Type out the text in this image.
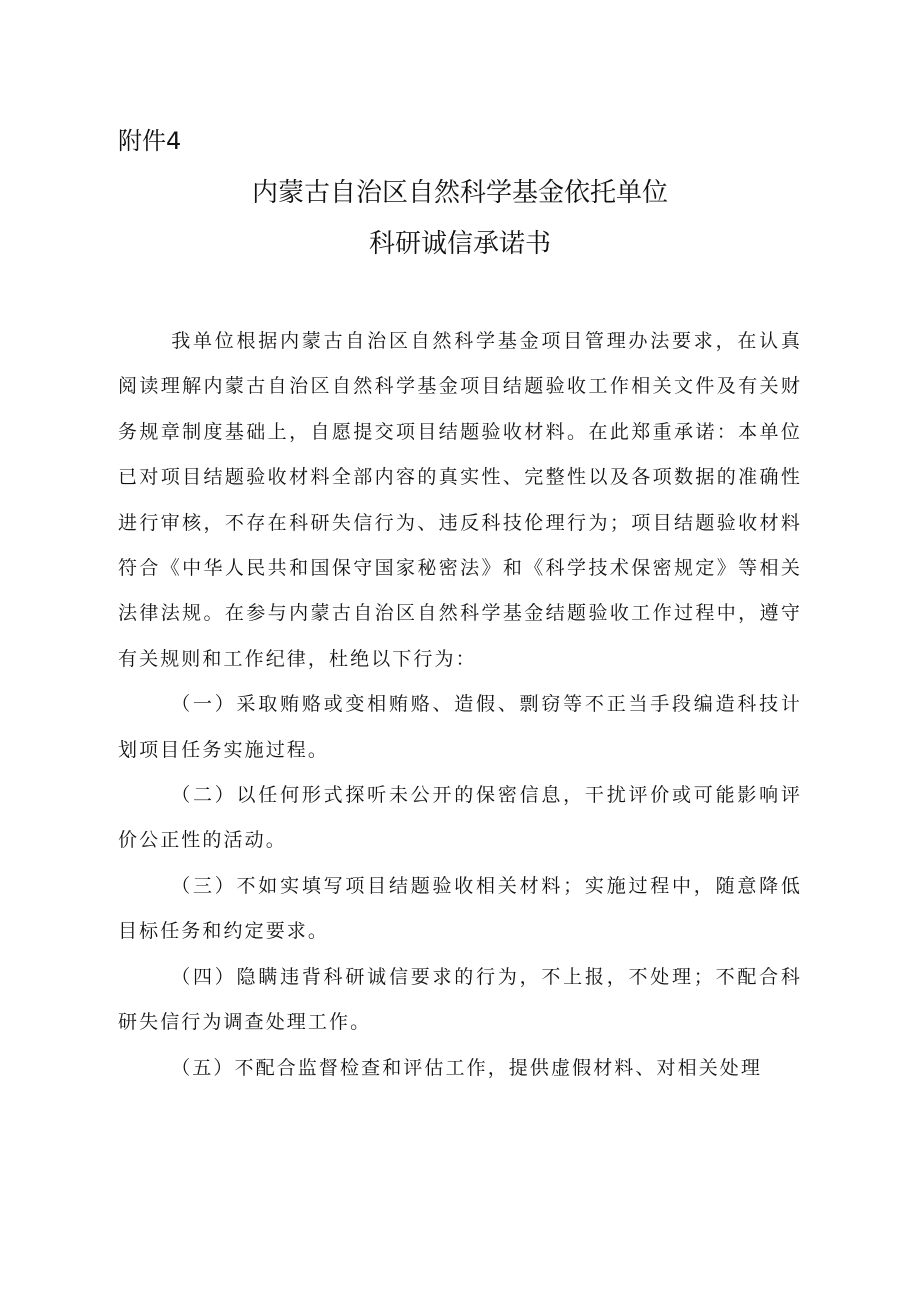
附件4
内蒙古自治区自然科学基金依托单位
科研诚信承诺书

我单位根据内蒙古自治区自然科学基金项目管理办法要求，在认真阅读理解内蒙古自治区自然科学基金项目结题验收工作相关文件及有关财务规章制度基础上，自愿提交项目结题验收材料。在此郑重承诺：本单位已对项目结题验收材料全部内容的真实性、完整性以及各项数据的准确性进行审核，不存在科研失信行为、违反科技伦理行为；项目结题验收材料符合《中华人民共和国保守国家秘密法》和《科学技术保密规定》等相关法律法规。在参与内蒙古自治区自然科学基金结题验收工作过程中，遵守有关规则和工作纪律，杜绝以下行为：

（一）采取贿赂或变相贿赂、造假、剽窃等不正当手段编造科技计划项目任务实施过程。

（二）以任何形式探听未公开的保密信息，干扰评价或可能影响评价公正性的活动。

（三）不如实填写项目结题验收相关材料；实施过程中，随意降低目标任务和约定要求。

（四）隐瞒违背科研诚信要求的行为，不上报，不处理；不配合科研失信行为调查处理工作。

（五）不配合监督检查和评估工作，提供虚假材料、对相关处理
